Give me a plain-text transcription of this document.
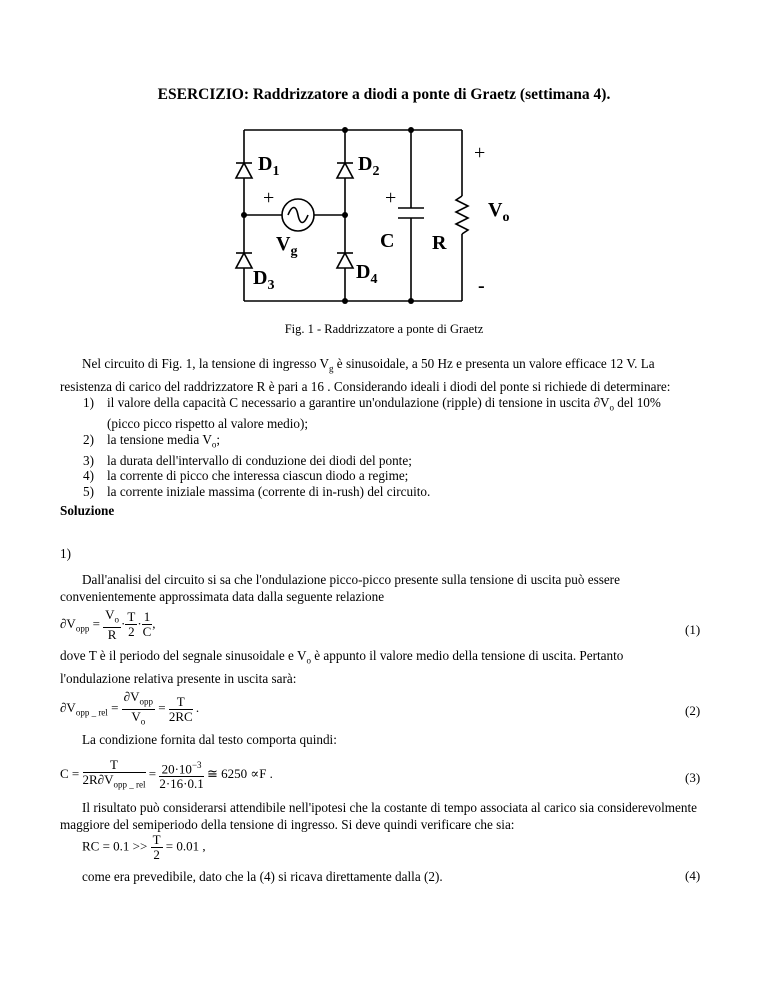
ESERCIZIO: Raddrizzatore a diodi a ponte di Graetz (settimana 4).
$D_1$	$D_2$
$D_3$
$D_4$
$V_g$
$V_o$
C R
+
+	+
-
Fig. 1 - Raddrizzatore a ponte di Graetz
Nel circuito di Fig. 1, la tensione di ingresso $V_g$ è sinusoidale, a 50 Hz e presenta un valore efficace 12 V. La
resistenza di carico del raddrizzatore R è pari a 16 . Considerando ideali i diodi del ponte si richiede di determinare:
1) il valore della capacità C necessario a garantire un'ondulazione (ripple) di tensione in uscita $\partial V_o$ del 10%
(picco picco rispetto al valore medio);
2) la tensione media $V_o$;
3) la durata dell'intervallo di conduzione dei diodi del ponte;
4) la corrente di picco che interessa ciascun diodo a regime;
5) la corrente iniziale massima (corrente di in-rush) del circuito.
Soluzione
1)
Dall'analisi del circuito si sa che l'ondulazione picco-picco presente sulla tensione di uscita può essere
convenientemente approssimata data dalla seguente relazione
$\partial V_{opp} = \frac{V_o}{R} \cdot \frac{T}{2} \cdot \frac{1}{C}$ ,	(1)
dove T è il periodo del segnale sinusoidale e $V_o$ è appunto il valore medio della tensione di uscita. Pertanto
l'ondulazione relativa presente in uscita sarà:
$\partial V_{opp \_ rel} = \frac{\partial V_{opp}}{V_o} = \frac{T}{2RC}$ .	(2)
La condizione fornita dal testo comporta quindi:
$C = \frac{T}{2R\partial V_{opp \_ rel}} = \frac{20\cdot 10^{-3}}{2\cdot 16\cdot 0.1}$ ≅ 6250 ∝F .	(3)
Il risultato può considerarsi attendibile nell'ipotesi che la costante di tempo associata al carico sia considerevolmente
maggiore del semiperiodo della tensione di ingresso. Si deve quindi verificare che sia:
RC = $0.1 >> \frac{T}{2} = 0.01$ ,
come era prevedibile, dato che la (4) si ricava direttamente dalla (2).	(4)
